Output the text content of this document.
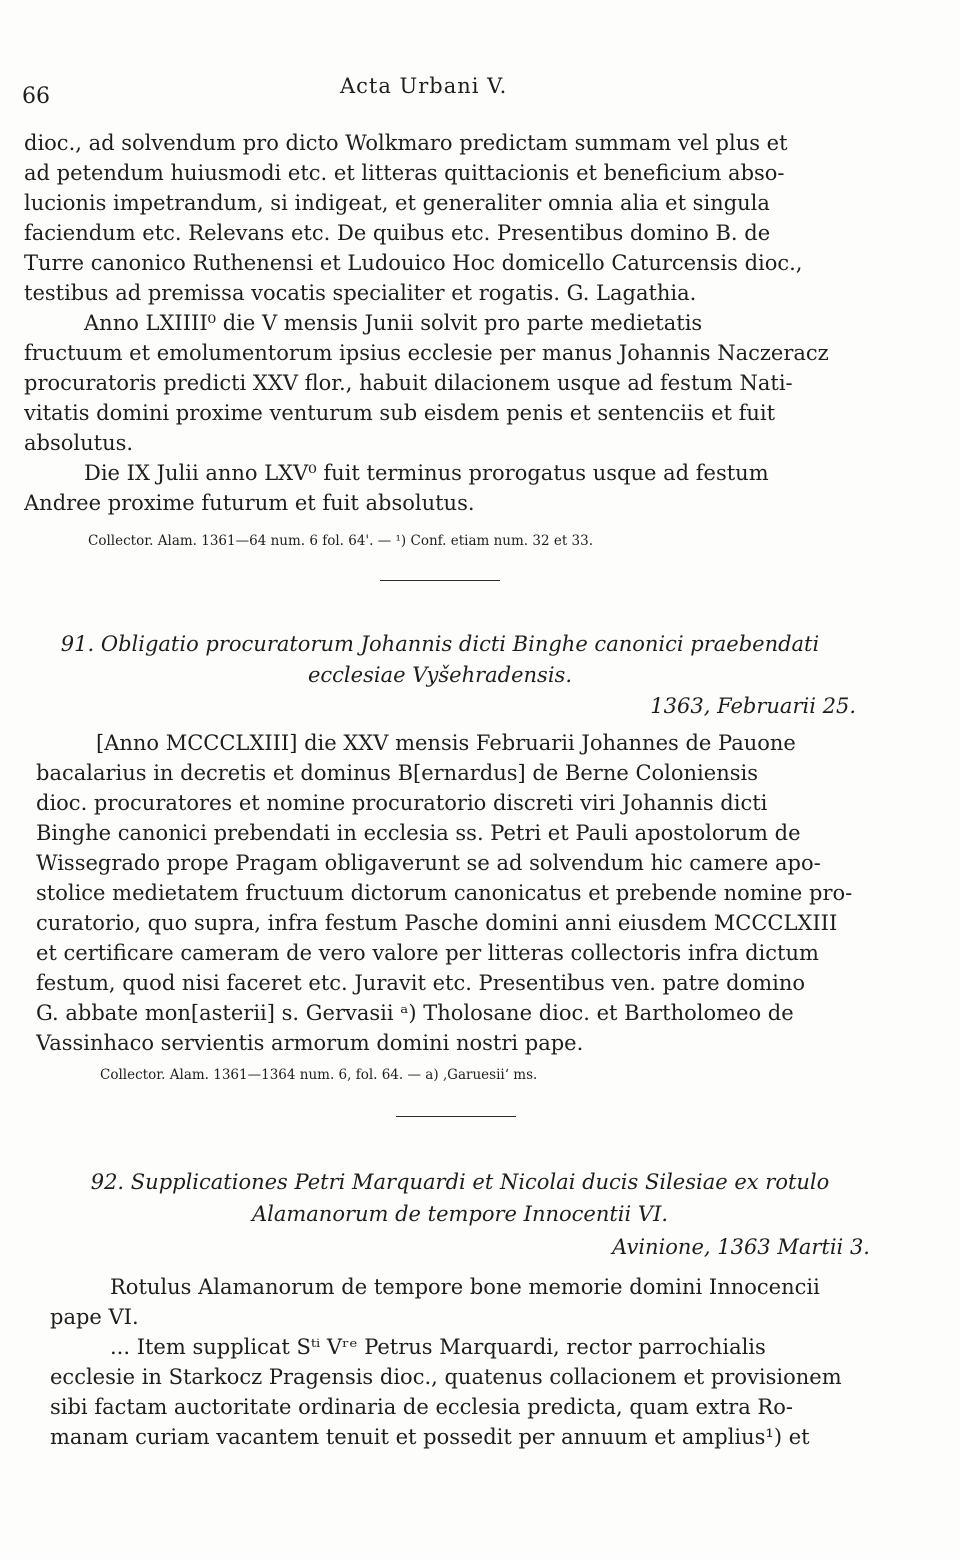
66	Acta Urbani V.
dioc., ad solvendum pro dicto Wolkmaro predictam summam vel plus et
ad petendum huiusmodi etc. et litteras quittacionis et beneficium abso-
lucionis impetrandum, si indigeat, et generaliter omnia alia et singula
faciendum etc. Relevans etc. De quibus etc. Presentibus domino B. de
Turre canonico Ruthenensi et Ludouico Hoc domicello Caturcensis dioc.,
testibus ad premissa vocatis specialiter et rogatis. G. Lagathia.
Anno LXIIII⁰ die V mensis Junii solvit pro parte medietatis
fructuum et emolumentorum ipsius ecclesie per manus Johannis Naczeracz
procuratoris predicti XXV flor., habuit dilacionem usque ad festum Nati-
vitatis domini proxime venturum sub eisdem penis et sentenciis et fuit
absolutus.
Die IX Julii anno LXV⁰ fuit terminus prorogatus usque ad festum
Andree proxime futurum et fuit absolutus.
Collector. Alam. 1361—64 num. 6 fol. 64'. — ¹) Conf. etiam num. 32 et 33.
91. Obligatio procuratorum Johannis dicti Binghe canonici praebendati
ecclesiae Vyšehradensis.
1363, Februarii 25.
[Anno MCCCLXIII] die XXV mensis Februarii Johannes de Pauone
bacalarius in decretis et dominus B[ernardus] de Berne Coloniensis
dioc. procuratores et nomine procuratorio discreti viri Johannis dicti
Binghe canonici prebendati in ecclesia ss. Petri et Pauli apostolorum de
Wissegrado prope Pragam obligaverunt se ad solvendum hic camere apo-
stolice medietatem fructuum dictorum canonicatus et prebende nomine pro-
curatorio, quo supra, infra festum Pasche domini anni eiusdem MCCCLXIII
et certificare cameram de vero valore per litteras collectoris infra dictum
festum, quod nisi faceret etc. Juravit etc. Presentibus ven. patre domino
G. abbate mon[asterii] s. Gervasii ᵃ) Tholosane dioc. et Bartholomeo de
Vassinhaco servientis armorum domini nostri pape.
Collector. Alam. 1361—1364 num. 6, fol. 64. — a) ‚Garuesii‘ ms.
92. Supplicationes Petri Marquardi et Nicolai ducis Silesiae ex rotulo
Alamanorum de tempore Innocentii VI.
Avinione, 1363 Martii 3.
Rotulus Alamanorum de tempore bone memorie domini Innocencii
pape VI.
... Item supplicat Sᵗⁱ Vʳᵉ Petrus Marquardi, rector parrochialis
ecclesie in Starkocz Pragensis dioc., quatenus collacionem et provisionem
sibi factam auctoritate ordinaria de ecclesia predicta, quam extra Ro-
manam curiam vacantem tenuit et possedit per annuum et amplius¹) et
